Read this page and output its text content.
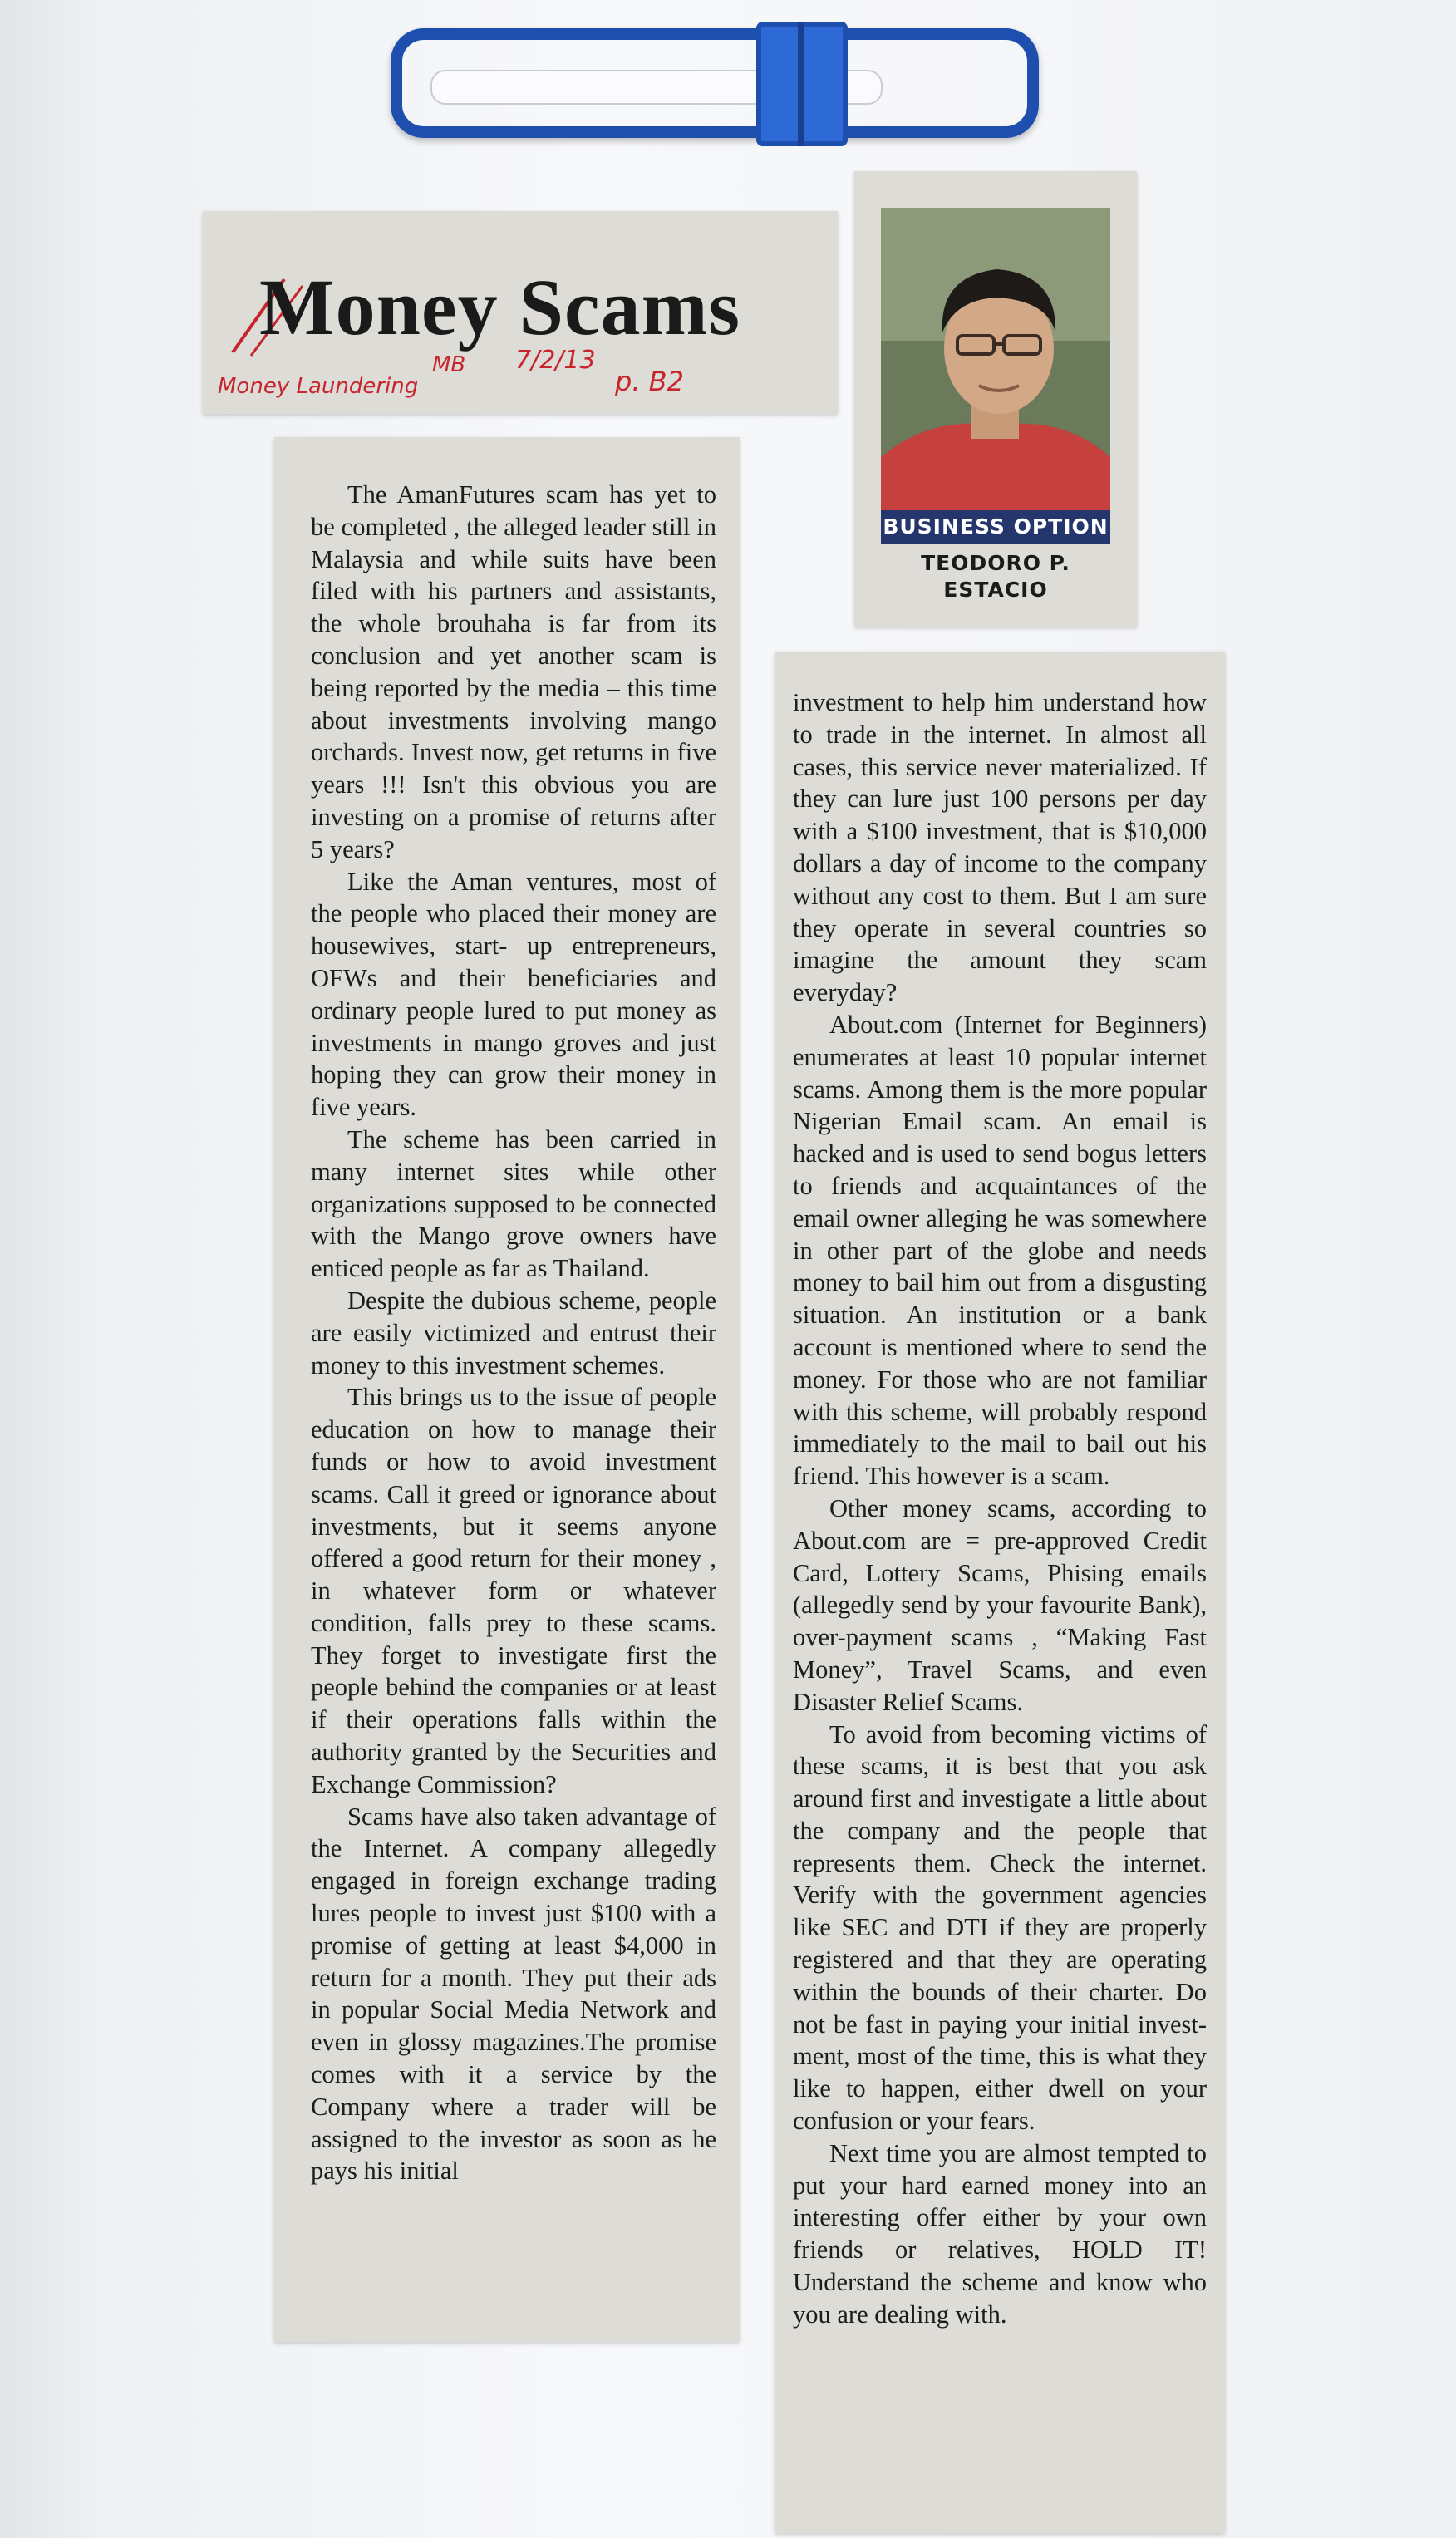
Money Scams
Money Laundering
MB 7/2/13
p. B2
BUSINESS OPTION
TEODORO P.
ESTACIO

The AmanFutures scam has yet to be completed , the alleged leader still in Malaysia and while suits have been filed with his partners and assistants, the whole brouhaha is far from its conclusion and yet another scam is being reported by the media – this time about investments involving mango orchards. Invest now, get returns in five years !!! Isn't this obvious you are investing on a promise of returns after 5 years?

Like the Aman ventures, most of the people who placed their money are housewives, start- up entrepreneurs, OFWs and their beneficiaries and ordinary people lured to put money as investments in mango groves and just hoping they can grow their money in five years.

The scheme has been carried in many internet sites while other organizations supposed to be connected with the Mango grove owners have enticed people as far as Thailand.

Despite the dubious scheme, people are easily victimized and entrust their money to this investment schemes.

This brings us to the issue of people education on how to manage their funds or how to avoid investment scams. Call it greed or ignorance about investments, but it seems anyone offered a good return for their money , in whatever form or whatever condition, falls prey to these scams. They forget to investigate first the people behind the companies or at least if their operations falls within the authority granted by the Securities and Exchange Commission?

Scams have also taken advantage of the Internet. A company allegedly engaged in foreign exchange trading lures people to invest just $100 with a promise of getting at least $4,000 in return for a month. They put their ads in popular Social Media Network and even in glossy magazines.The promise comes with it a service by the Company where a trader will be assigned to the investor as soon as he pays his initial

investment to help him understand how to trade in the internet. In almost all cases, this service never materialized. If they can lure just 100 persons per day with a $100 investment, that is $10,000 dollars a day of income to the company without any cost to them. But I am sure they operate in several countries so imagine the amount they scam everyday?

About.com (Internet for Beginners) enumerates at least 10 popular internet scams. Among them is the more popular Nigerian Email scam. An email is hacked and is used to send bogus letters to friends and acquaintances of the email owner alleging he was somewhere in other part of the globe and needs money to bail him out from a disgusting situation. An institution or a bank account is mentioned where to send the money. For those who are not familiar with this scheme, will probably respond immediately to the mail to bail out his friend. This however is a scam.

Other money scams, according to About.com are = pre-approved Credit Card, Lottery Scams, Phising emails (allegedly send by your favourite Bank), over-payment scams , “Making Fast Money”, Travel Scams, and even Disaster Relief Scams.

To avoid from becoming victims of these scams, it is best that you ask around first and investigate a little about the company and the people that represents them. Check the internet. Verify with the government agencies like SEC and DTI if they are properly registered and that they are operating within the bounds of their charter. Do not be fast in paying your initial investment, most of the time, this is what they like to happen, either dwell on your confusion or your fears.

Next time you are almost tempted to put your hard earned money into an interesting offer either by your own friends or relatives, HOLD IT! Understand the scheme and know who you are dealing with.
